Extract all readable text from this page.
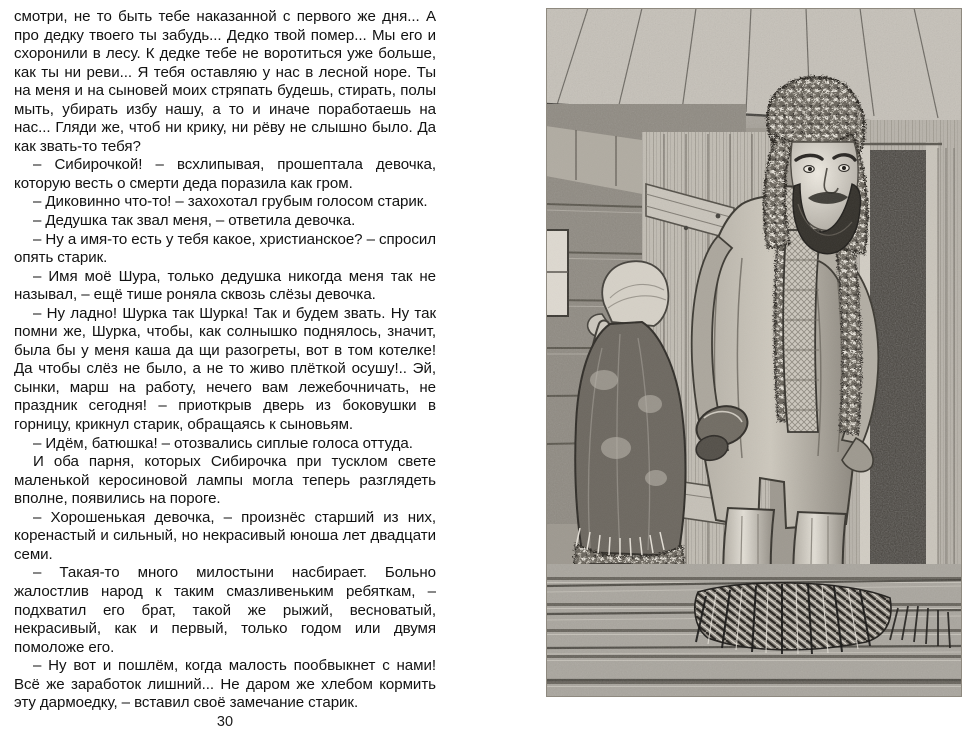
смотри, не то быть тебе наказанной с первого же дня... А про дедку твоего ты забудь... Дедко твой помер... Мы его и схоронили в лесу. К дедке тебе не воротиться уже больше, как ты ни реви... Я тебя оставляю у нас в лесной норе. Ты на меня и на сыновей моих стряпать будешь, стирать, полы мыть, убирать избу нашу, а то и иначе поработаешь на нас... Гляди же, чтоб ни крику, ни рёву не слышно было. Да как звать-то тебя?

– Сибирочкой! – всхлипывая, прошептала девочка, которую весть о смерти деда поразила как гром.

– Диковинно что-то! – захохотал грубым голосом старик.

– Дедушка так звал меня, – ответила девочка.

– Ну а имя-то есть у тебя какое, христианское? – спросил опять старик.

– Имя моё Шура, только дедушка никогда меня так не называл, – ещё тише роняла сквозь слёзы девочка.

– Ну ладно! Шурка так Шурка! Так и будем звать. Ну так помни же, Шурка, чтобы, как солнышко поднялось, значит, была бы у меня каша да щи разогреты, вот в том котелке! Да чтобы слёз не было, а не то живо плёткой осушу!.. Эй, сынки, марш на работу, нечего вам лежебочничать, не праздник сегодня! – приоткрыв дверь из боковушки в горницу, крикнул старик, обращаясь к сыновьям.

– Идём, батюшка! – отозвались сиплые голоса оттуда.

И оба парня, которых Сибирочка при тусклом свете маленькой керосиновой лампы могла теперь разглядеть вполне, появились на пороге.

– Хорошенькая девочка, – произнёс старший из них, коренастый и сильный, но некрасивый юноша лет двадцати семи.

– Такая-то много милостыни насбирает. Больно жалостлив народ к таким смазливеньким ребяткам, – подхватил его брат, такой же рыжий, весноватый, некрасивый, как и первый, только годом или двумя помоложе его.

– Ну вот и пошлём, когда малость пообвыкнет с нами! Всё же заработок лишний... Не даром же хлебом кормить эту дармоедку, – вставил своё замечание старик.

30
